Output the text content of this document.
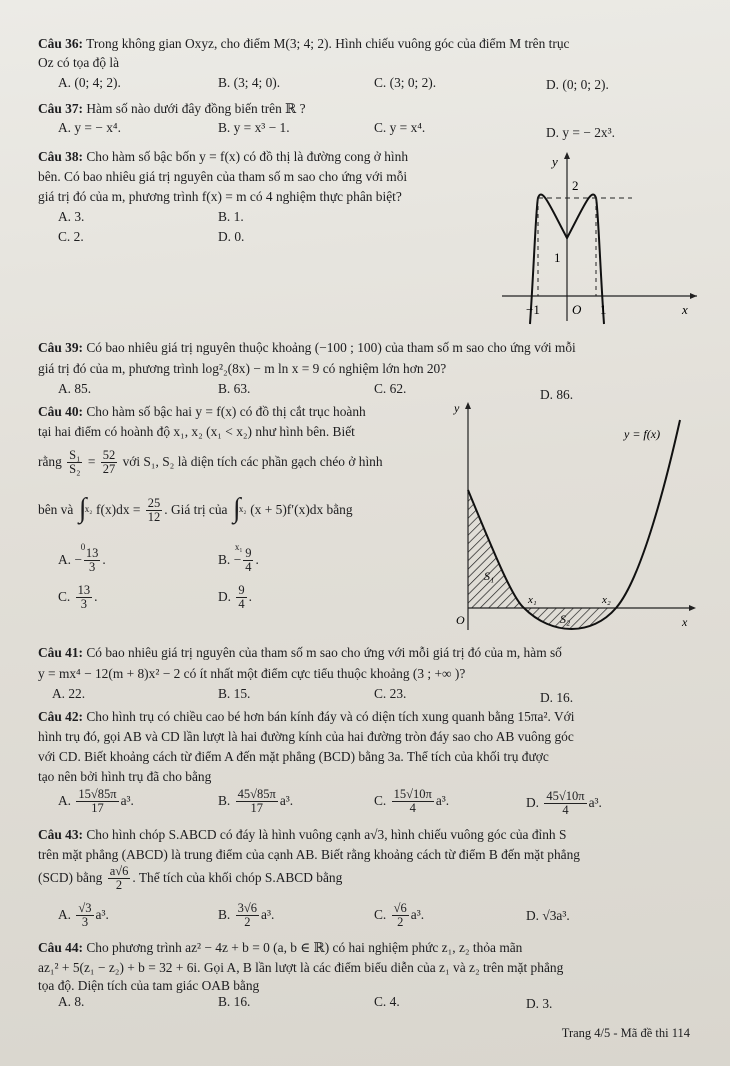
Câu 36: Trong không gian Oxyz, cho điểm M(3; 4; 2). Hình chiếu vuông góc của điểm M trên trục
Oz có tọa độ là
A. (0; 4; 2).	B. (3; 4; 0).	C. (3; 0; 2).	D. (0; 0; 2).
Câu 37: Hàm số nào dưới đây đồng biến trên ℝ ?
A. y = − x⁴.	B. y = x³ − 1.	C. y = x⁴.	D. y = − 2x³.
Câu 38: Cho hàm số bậc bốn y = f(x) có đồ thị là đường cong ở hình
bên. Có bao nhiêu giá trị nguyên của tham số m sao cho ứng với mỗi
giá trị đó của m, phương trình f(x) = m có 4 nghiệm thực phân biệt?
A. 3.	B. 1.
C. 2.	D. 0.
y
x
O
2
1
−1	1
Câu 39: Có bao nhiêu giá trị nguyên thuộc khoảng (−100 ; 100) của tham số m sao cho ứng với mỗi
giá trị đó của m, phương trình log²₂(8x) − m ln x = 9 có nghiệm lớn hơn 20?
A. 85.	B. 63.	C. 62.	D. 86.
Câu 40: Cho hàm số bậc hai y = f(x) có đồ thị cắt trục hoành
tại hai điểm có hoành độ x₁, x₂ (x₁ < x₂) như hình bên. Biết
rằng $\frac{\text{S₁}}{\text{S₂}} = \frac{52}{27}$ với S₁, S₂ là diện tích các phần gạch chéo ở hình
bên và ∫
x₂
0
$f(x)dx = \frac{25}{12}$ . Giá trị của ∫
x₂
x₁
(x + 5)f′(x)dx bằng
A. − $\frac{13}{3}$ .	B. − $\frac{9}{4}$ .
C. $\frac{13}{3}$ .	D. $\frac{9}{4}$ .
y
x
O
y = f(x)
S₁
S₂
x₁	x₂
Câu 41: Có bao nhiêu giá trị nguyên của tham số m sao cho ứng với mỗi giá trị đó của m, hàm số
y = mx⁴ − 12(m + 8)x² − 2 có ít nhất một điểm cực tiểu thuộc khoảng (3 ; +∞ )?
A. 22.	B. 15.	C. 23.	D. 16.
Câu 42: Cho hình trụ có chiều cao bé hơn bán kính đáy và có diện tích xung quanh bằng 15πa². Với
hình trụ đó, gọi AB và CD lần lượt là hai đường kính của hai đường tròn đáy sao cho AB vuông góc
với CD. Biết khoảng cách từ điểm A đến mặt phẳng (BCD) bằng 3a. Thể tích của khối trụ được
tạo nên bởi hình trụ đã cho bằng
A. $\frac{15√85\pi}{17} a^3$.	B. $\frac{45√85\pi}{17} a^3$.	C. $\frac{15√10\pi}{4} a^3$.	D. $\frac{45√10\pi}{4} a^3$.
Câu 43: Cho hình chóp S.ABCD có đáy là hình vuông cạnh a√3, hình chiếu vuông góc của đỉnh S
trên mặt phẳng (ABCD) là trung điểm của cạnh AB. Biết rằng khoảng cách từ điểm B đến mặt phẳng
(SCD) bằng $\frac{a√6}{2}$ . Thể tích của khối chóp S.ABCD bằng
A. $\frac{√3}{3} a^3$.	B. $\frac{3√6}{2} a^3$.	C. $\frac{√6}{2} a^3$.	D. √3a³.
Câu 44: Cho phương trình az² − 4z + b = 0 (a, b ∈ ℝ) có hai nghiệm phức z₁, z₂ thỏa mãn
az₁² + 5(z₁ − z₂) + b = 32 + 6i. Gọi A, B lần lượt là các điểm biểu diễn của z₁ và z₂ trên mặt phẳng
tọa độ. Diện tích của tam giác OAB bằng
A. 8.	B. 16.	C. 4.	D. 3.
Trang 4/5 - Mã đề thi 114
